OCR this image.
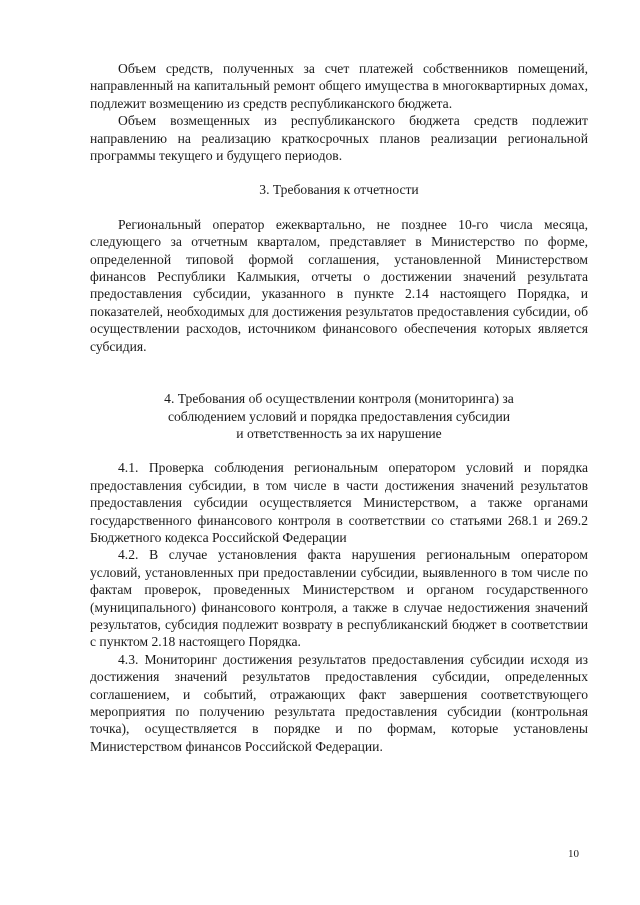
Объем средств, полученных за счет платежей собственников помещений, направленный на капитальный ремонт общего имущества в многоквартирных домах, подлежит возмещению из средств республиканского бюджета.

Объем возмещенных из республиканского бюджета средств подлежит направлению на реализацию краткосрочных планов реализации региональной программы текущего и будущего периодов.

3. Требования к отчетности

Региональный оператор ежеквартально, не позднее 10-го числа месяца, следующего за отчетным кварталом, представляет в Министерство по форме, определенной типовой формой соглашения, установленной Министерством финансов Республики Калмыкия, отчеты о достижении значений результата предоставления субсидии, указанного в пункте 2.14 настоящего Порядка, и показателей, необходимых для достижения результатов предоставления субсидии, об осуществлении расходов, источником финансового обеспечения которых является субсидия.

4. Требования об осуществлении контроля (мониторинга) за

соблюдением условий и порядка предоставления субсидии

и ответственность за их нарушение

4.1. Проверка соблюдения региональным оператором условий и порядка предоставления субсидии, в том числе в части достижения значений результатов предоставления субсидии осуществляется Министерством, а также органами государственного финансового контроля в соответствии со статьями 268.1 и 269.2 Бюджетного кодекса Российской Федерации

4.2. В случае установления факта нарушения региональным оператором условий, установленных при предоставлении субсидии, выявленного в том числе по фактам проверок, проведенных Министерством и органом государственного (муниципального) финансового контроля, а также в случае недостижения значений результатов, субсидия подлежит возврату в республиканский бюджет в соответствии с пунктом 2.18 настоящего Порядка.

4.3. Мониторинг достижения результатов предоставления субсидии исходя из достижения значений результатов предоставления субсидии, определенных соглашением, и событий, отражающих факт завершения соответствующего мероприятия по получению результата предоставления субсидии (контрольная точка), осуществляется в порядке и по формам, которые установлены Министерством финансов Российской Федерации.

10
